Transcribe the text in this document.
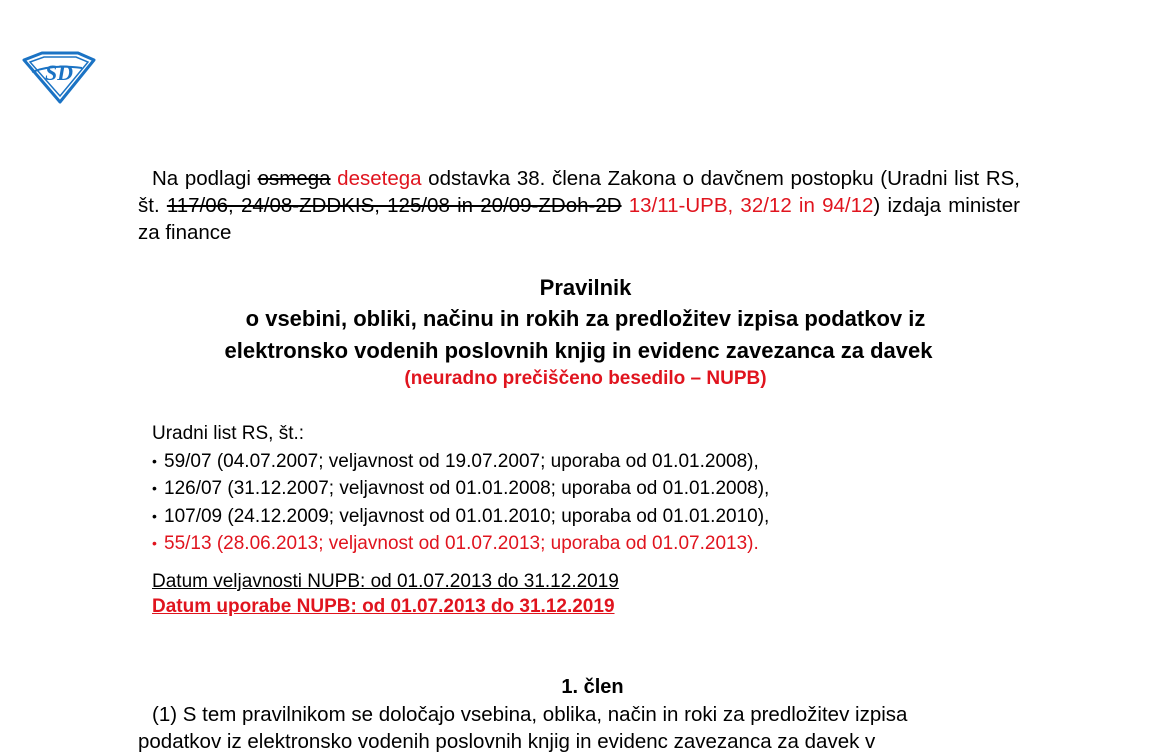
SD

Na podlagi osmega desetega odstavka 38. člena Zakona o davčnem postopku (Uradni list RS, št. 117/06, 24/08-ZDDKIS, 125/08 in 20/09-ZDoh-2D 13/11-UPB, 32/12 in 94/12) izdaja minister za finance

Pravilnik
o vsebini, obliki, načinu in rokih za predložitev izpisa podatkov iz
elektronsko vodenih poslovnih knjig in evidenc zavezanca za davek
(neuradno prečiščeno besedilo – NUPB)
Uradni list RS, št.:
• 59/07 (04.07.2007; veljavnost od 19.07.2007; uporaba od 01.01.2008),
• 126/07 (31.12.2007; veljavnost od 01.01.2008; uporaba od 01.01.2008),
• 107/09 (24.12.2009; veljavnost od 01.01.2010; uporaba od 01.01.2010),
• 55/13 (28.06.2013; veljavnost od 01.07.2013; uporaba od 01.07.2013).
Datum veljavnosti NUPB: od 01.07.2013 do 31.12.2019
Datum uporabe NUPB: od 01.07.2013 do 31.12.2019
1. člen
(1) S tem pravilnikom se določajo vsebina, oblika, način in roki za predložitev izpisa
podatkov iz elektronsko vodenih poslovnih knjig in evidenc zavezanca za davek v
